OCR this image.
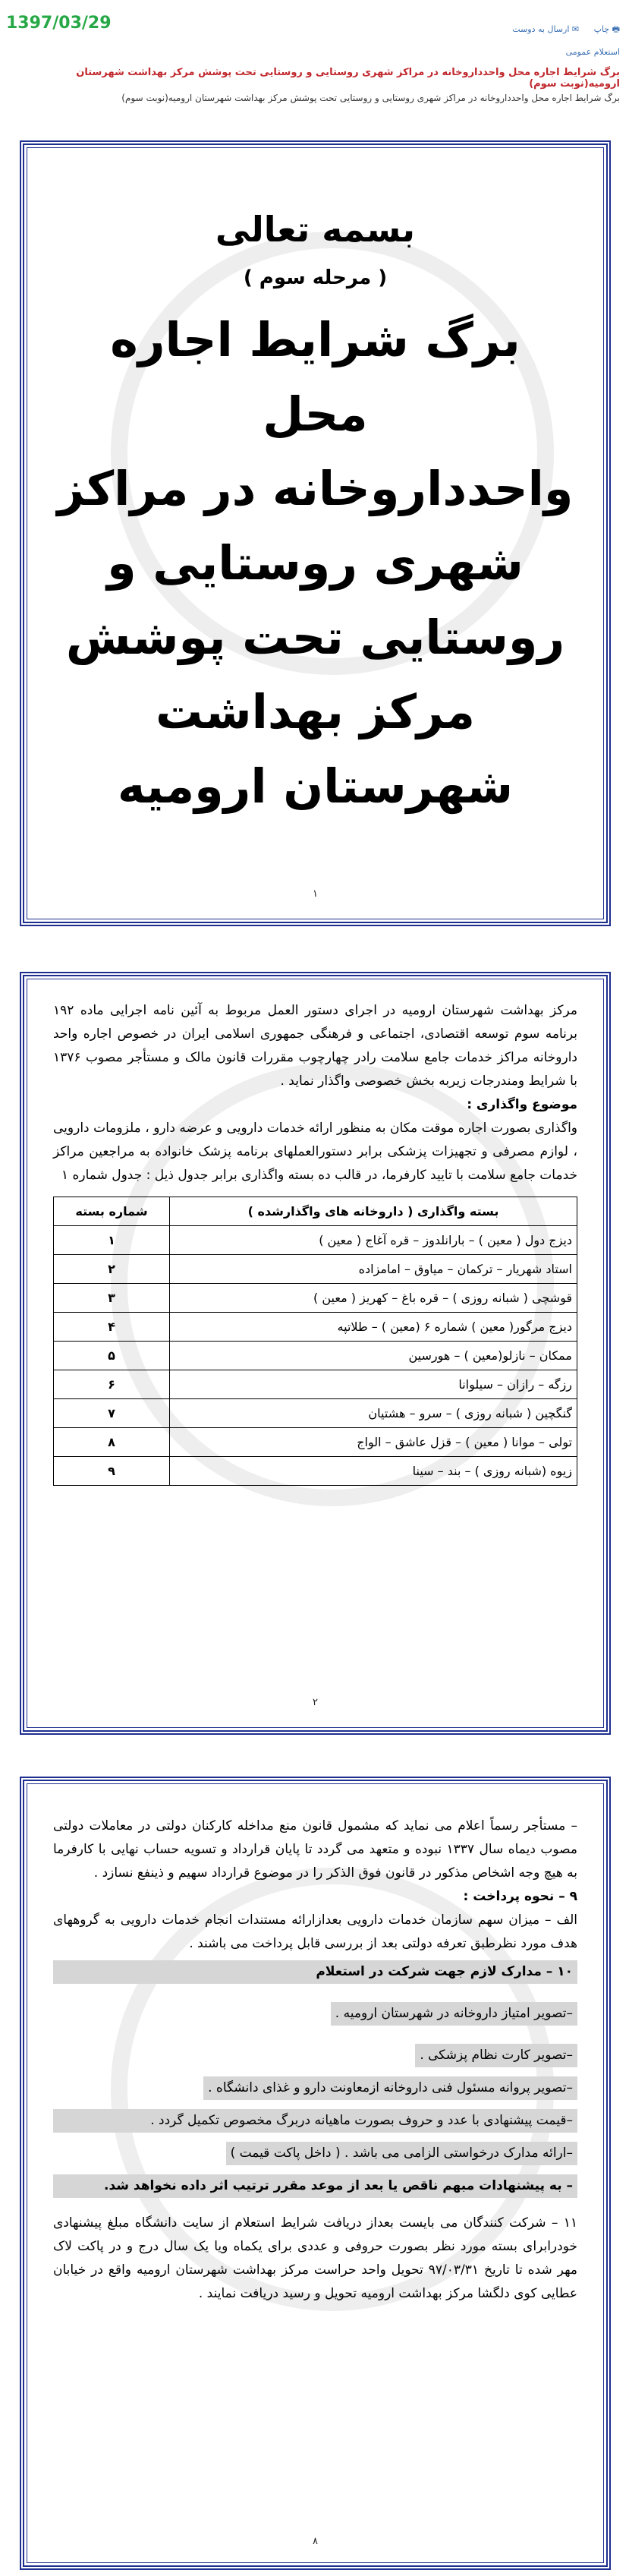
1397/03/29	🖶 چاپ ✉ ارسال به دوست
استعلام عمومی
برگ شرایط اجاره محل واحدداروخانه در مراکز شهری روستایی و روستایی تحت پوشش مرکز بهداشت شهرستان ارومیه(نوبت سوم)
برگ شرایط اجاره محل واحدداروخانه در مراکز شهری روستایی و روستایی تحت پوشش مرکز بهداشت شهرستان ارومیه(نوبت سوم)
بسمه تعالی
( مرحله سوم )
برگ شرایط اجاره محل
واحدداروخانه در مراکز
شهری روستایی و
روستایی تحت پوشش
مرکز بهداشت
شهرستان ارومیه
۱
مرکز بهداشت شهرستان ارومیه در اجرای دستور العمل مربوط به آئین نامه اجرایی ماده ۱۹۲ برنامه سوم توسعه اقتصادی، اجتماعی و فرهنگی جمهوری اسلامی ایران در خصوص اجاره واحد داروخانه مراکز خدمات جامع سلامت رادر چهارچوب مقررات قانون مالک و مستأجر مصوب ۱۳۷۶ با شرایط ومندرجات زیربه بخش خصوصی واگذار نماید .
موضوع واگذاری :
واگذاری بصورت اجاره موقت مکان به منظور ارائه خدمات دارویی و عرضه دارو ، ملزومات دارویی ، لوازم مصرفی و تجهیزات پزشکی برابر دستورالعملهای برنامه پزشک خانواده به مراجعین مراکز خدمات جامع سلامت با تایید کارفرما، در قالب ده بسته واگذاری برابر جدول ذیل : جدول شماره ۱
بسته واگذاری ( داروخانه های واگذارشده )	شماره بسته
دیزج دول ( معین ) – بارانلدوز – قره آغاج ( معین )	۱
استاد شهریار – ترکمان – میاوق – امامزاده	۲
قوشچی ( شبانه روزی ) – قره باغ – کهریز ( معین )	۳
دیزج مرگور( معین ) شماره ۶ (معین ) – طلاتپه	۴
ممکان – نازلو(معین ) – هورسین	۵
رزگه – رازان – سیلوانا	۶
گنگچین ( شبانه روزی ) – سرو – هشتیان	۷
تولی – موانا ( معین ) – قزل عاشق – الواج	۸
زیوه (شبانه روزی ) – بند – سینا	۹
۲
– مستأجر رسماً اعلام می نماید که مشمول قانون منع مداخله کارکنان دولتی در معاملات دولتی مصوب دیماه سال ۱۳۳۷ نبوده و متعهد می گردد تا پایان قرارداد و تسویه حساب نهایی با کارفرما به هیچ وجه اشخاص مذکور در قانون فوق الذکر را در موضوع قرارداد سهیم و ذینفع نسازد .
۹ – نحوه پرداخت :
الف – میزان سهم سازمان خدمات دارویی بعدازارائه مستندات انجام خدمات دارویی به گروههای هدف مورد نظرطبق تعرفه دولتی بعد از بررسی قابل پرداخت می باشند .
۱۰ – مدارک لازم جهت شرکت در استعلام
–تصویر امتیاز داروخانه در شهرستان ارومیه .
–تصویر کارت نظام پزشکی . –تصویر پروانه مسئول فنی داروخانه ازمعاونت دارو و غذای دانشگاه .
–قیمت پیشنهادی با عدد و حروف بصورت ماهیانه دربرگ مخصوص تکمیل گردد .
–ارائه مدارک درخواستی الزامی می باشد . ( داخل پاکت قیمت )
– به پیشنهادات مبهم ناقص یا بعد از موعد مقرر ترتیب اثر داده نخواهد شد.
۱۱ – شرکت کنندگان می بایست بعداز دریافت شرایط استعلام از سایت دانشگاه مبلغ پیشنهادی خودرابرای بسته مورد نظر بصورت حروفی و عددی برای یکماه ویا یک سال درج و در پاکت لاک مهر شده تا تاریخ ۹۷/۰۳/۳۱ تحویل واحد حراست مرکز بهداشت شهرستان ارومیه واقع در خیابان عطایی کوی دلگشا مرکز بهداشت ارومیه تحویل و رسید دریافت نمایند .
۸
